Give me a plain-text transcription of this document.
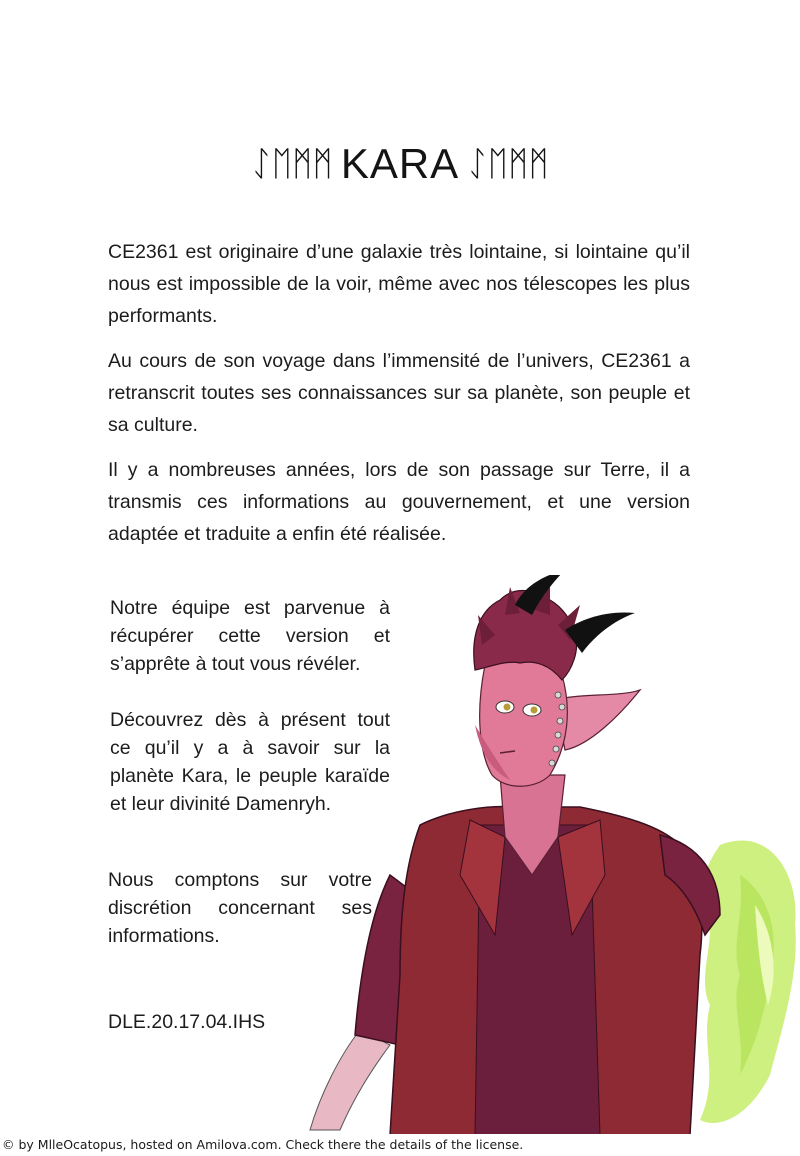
ᛇᛖᛗᛗ KARA ᛇᛖᛗᛗ

CE2361 est originaire d’une galaxie très lointaine, si lointaine qu’il nous est impossible de la voir, même avec nos télescopes les plus performants.

Au cours de son voyage dans l’immensité de l’univers, CE2361 a retranscrit toutes ses connaissances sur sa planète, son peuple et sa culture.

Il y a nombreuses années, lors de son passage sur Terre, il a transmis ces informations au gouvernement, et une version adaptée et traduite a enfin été réalisée.

Notre équipe est parvenue à récupérer cette version et s’apprête à tout vous révéler.

Découvrez dès à présent tout ce qu’il y a à savoir sur la planète Kara, le peuple karaïde et leur divinité Damenryh.

Nous comptons sur votre discrétion concernant ses informations.

DLE.20.17.04.IHS
© by MlleOcatopus, hosted on Amilova.com. Check there the details of the license.
